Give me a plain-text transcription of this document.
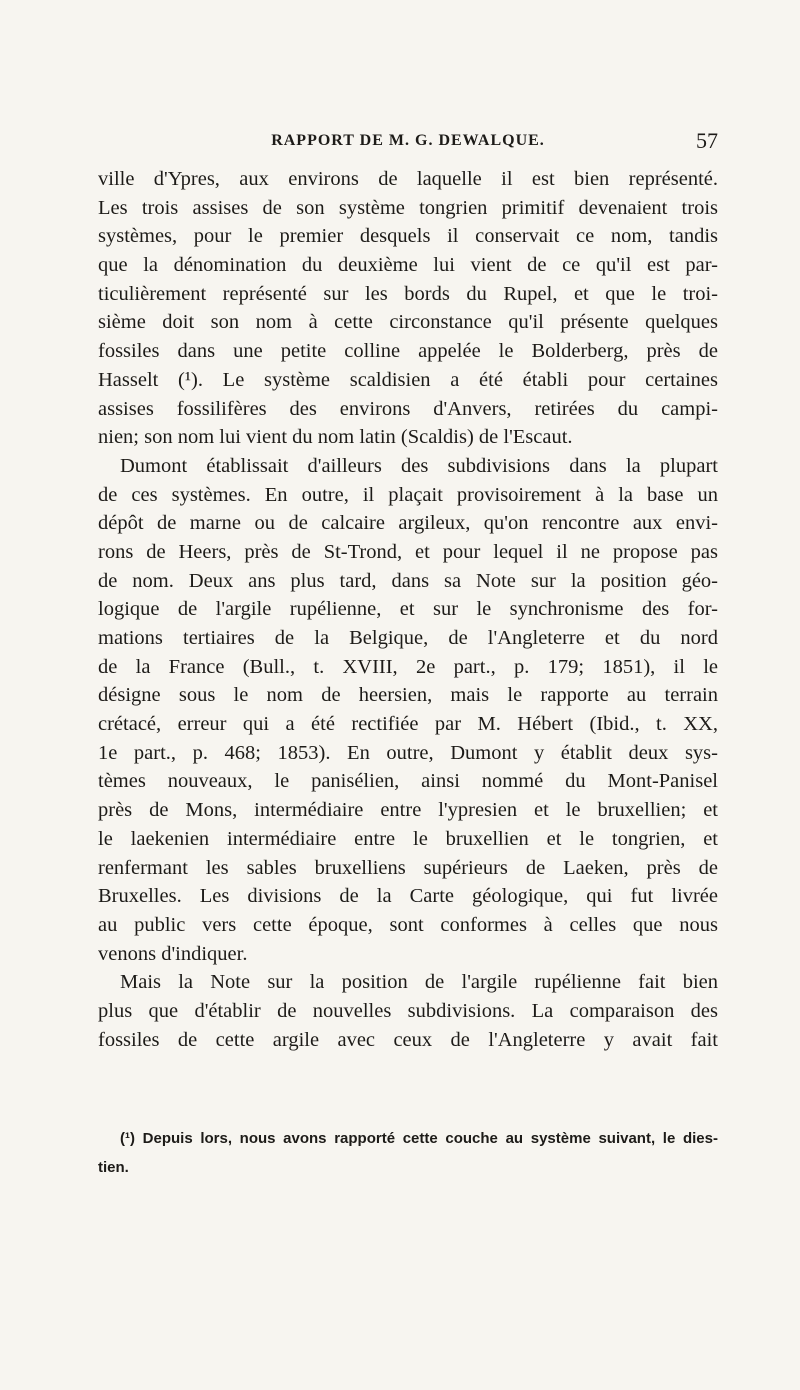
RAPPORT DE M. G. DEWALQUE.	57
ville d'Ypres, aux environs de laquelle il est bien représenté.
Les trois assises de son système tongrien primitif devenaient trois
systèmes, pour le premier desquels il conservait ce nom, tandis
que la dénomination du deuxième lui vient de ce qu'il est par-
ticulièrement représenté sur les bords du Rupel, et que le troi-
sième doit son nom à cette circonstance qu'il présente quelques
fossiles dans une petite colline appelée le Bolderberg, près de
Hasselt (¹). Le système scaldisien a été établi pour certaines
assises fossilifères des environs d'Anvers, retirées du campi-
nien; son nom lui vient du nom latin (Scaldis) de l'Escaut.
Dumont établissait d'ailleurs des subdivisions dans la plupart
de ces systèmes. En outre, il plaçait provisoirement à la base un
dépôt de marne ou de calcaire argileux, qu'on rencontre aux envi-
rons de Heers, près de St-Trond, et pour lequel il ne propose pas
de nom. Deux ans plus tard, dans sa Note sur la position géo-
logique de l'argile rupélienne, et sur le synchronisme des for-
mations tertiaires de la Belgique, de l'Angleterre et du nord
de la France (Bull., t. XVIII, 2e part., p. 179; 1851), il le
désigne sous le nom de heersien, mais le rapporte au terrain
crétacé, erreur qui a été rectifiée par M. Hébert (Ibid., t. XX,
1e part., p. 468; 1853). En outre, Dumont y établit deux sys-
tèmes nouveaux, le panisélien, ainsi nommé du Mont-Panisel
près de Mons, intermédiaire entre l'ypresien et le bruxellien; et
le laekenien intermédiaire entre le bruxellien et le tongrien, et
renfermant les sables bruxelliens supérieurs de Laeken, près de
Bruxelles. Les divisions de la Carte géologique, qui fut livrée
au public vers cette époque, sont conformes à celles que nous
venons d'indiquer.
Mais la Note sur la position de l'argile rupélienne fait bien
plus que d'établir de nouvelles subdivisions. La comparaison des
fossiles de cette argile avec ceux de l'Angleterre y avait fait
(¹) Depuis lors, nous avons rapporté cette couche au système suivant, le dies-
tien.
